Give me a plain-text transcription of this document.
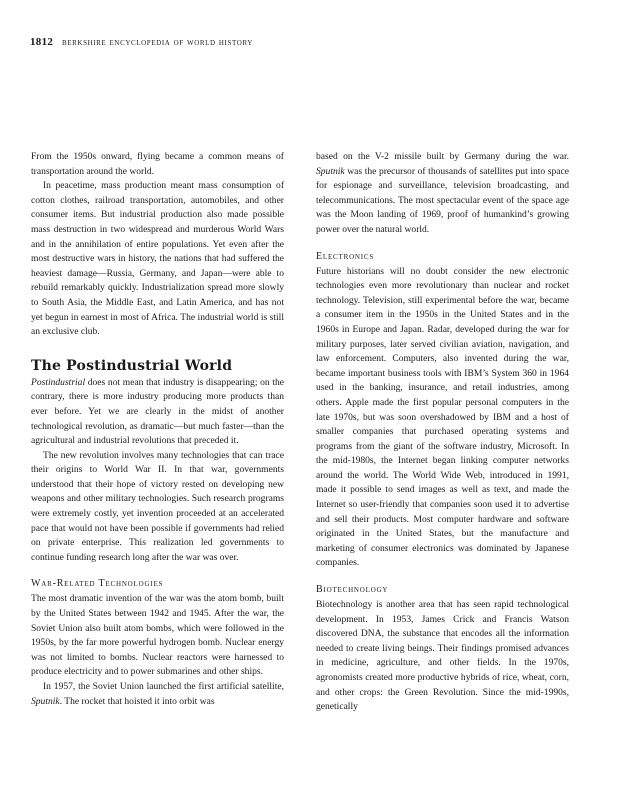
1812 berkshire encyclopedia of world history

From the 1950s onward, flying became a common means of transportation around the world.

In peacetime, mass production meant mass consumption of cotton clothes, railroad transportation, automobiles, and other consumer items. But industrial production also made possible mass destruction in two widespread and murderous World Wars and in the annihilation of entire populations. Yet even after the most destructive wars in history, the nations that had suffered the heaviest damage—Russia, Germany, and Japan—were able to rebuild remarkably quickly. Industrialization spread more slowly to South Asia, the Middle East, and Latin America, and has not yet begun in earnest in most of Africa. The industrial world is still an exclusive club.

The Postindustrial World

Postindustrial does not mean that industry is disappearing; on the contrary, there is more industry producing more products than ever before. Yet we are clearly in the midst of another technological revolution, as dramatic—but much faster—than the agricultural and industrial revolutions that preceded it.

The new revolution involves many technologies that can trace their origins to World War II. In that war, governments understood that their hope of victory rested on developing new weapons and other military technologies. Such research programs were extremely costly, yet invention proceeded at an accelerated pace that would not have been possible if governments had relied on private enterprise. This realization led governments to continue funding research long after the war was over.

War-Related Technologies

The most dramatic invention of the war was the atom bomb, built by the United States between 1942 and 1945. After the war, the Soviet Union also built atom bombs, which were followed in the 1950s, by the far more powerful hydrogen bomb. Nuclear energy was not limited to bombs. Nuclear reactors were harnessed to produce electricity and to power submarines and other ships.

In 1957, the Soviet Union launched the first artificial satellite, Sputnik. The rocket that hoisted it into orbit was

based on the V-2 missile built by Germany during the war. Sputnik was the precursor of thousands of satellites put into space for espionage and surveillance, television broadcasting, and telecommunications. The most spectacular event of the space age was the Moon landing of 1969, proof of humankind’s growing power over the natural world.

Electronics

Future historians will no doubt consider the new electronic technologies even more revolutionary than nuclear and rocket technology. Television, still experimental before the war, became a consumer item in the 1950s in the United States and in the 1960s in Europe and Japan. Radar, developed during the war for military purposes, later served civilian aviation, navigation, and law enforcement. Computers, also invented during the war, became important business tools with IBM’s System 360 in 1964 used in the banking, insurance, and retail industries, among others. Apple made the first popular personal computers in the late 1970s, but was soon overshadowed by IBM and a host of smaller companies that purchased operating systems and programs from the giant of the software industry, Microsoft. In the mid-1980s, the Internet began linking computer networks around the world. The World Wide Web, introduced in 1991, made it possible to send images as well as text, and made the Internet so user-friendly that companies soon used it to advertise and sell their products. Most computer hardware and software originated in the United States, but the manufacture and marketing of consumer electronics was dominated by Japanese companies.

Biotechnology

Biotechnology is another area that has seen rapid technological development. In 1953, James Crick and Francis Watson discovered DNA, the substance that encodes all the information needed to create living beings. Their findings promised advances in medicine, agriculture, and other fields. In the 1970s, agronomists created more productive hybrids of rice, wheat, corn, and other crops: the Green Revolution. Since the mid-1990s, genetically
